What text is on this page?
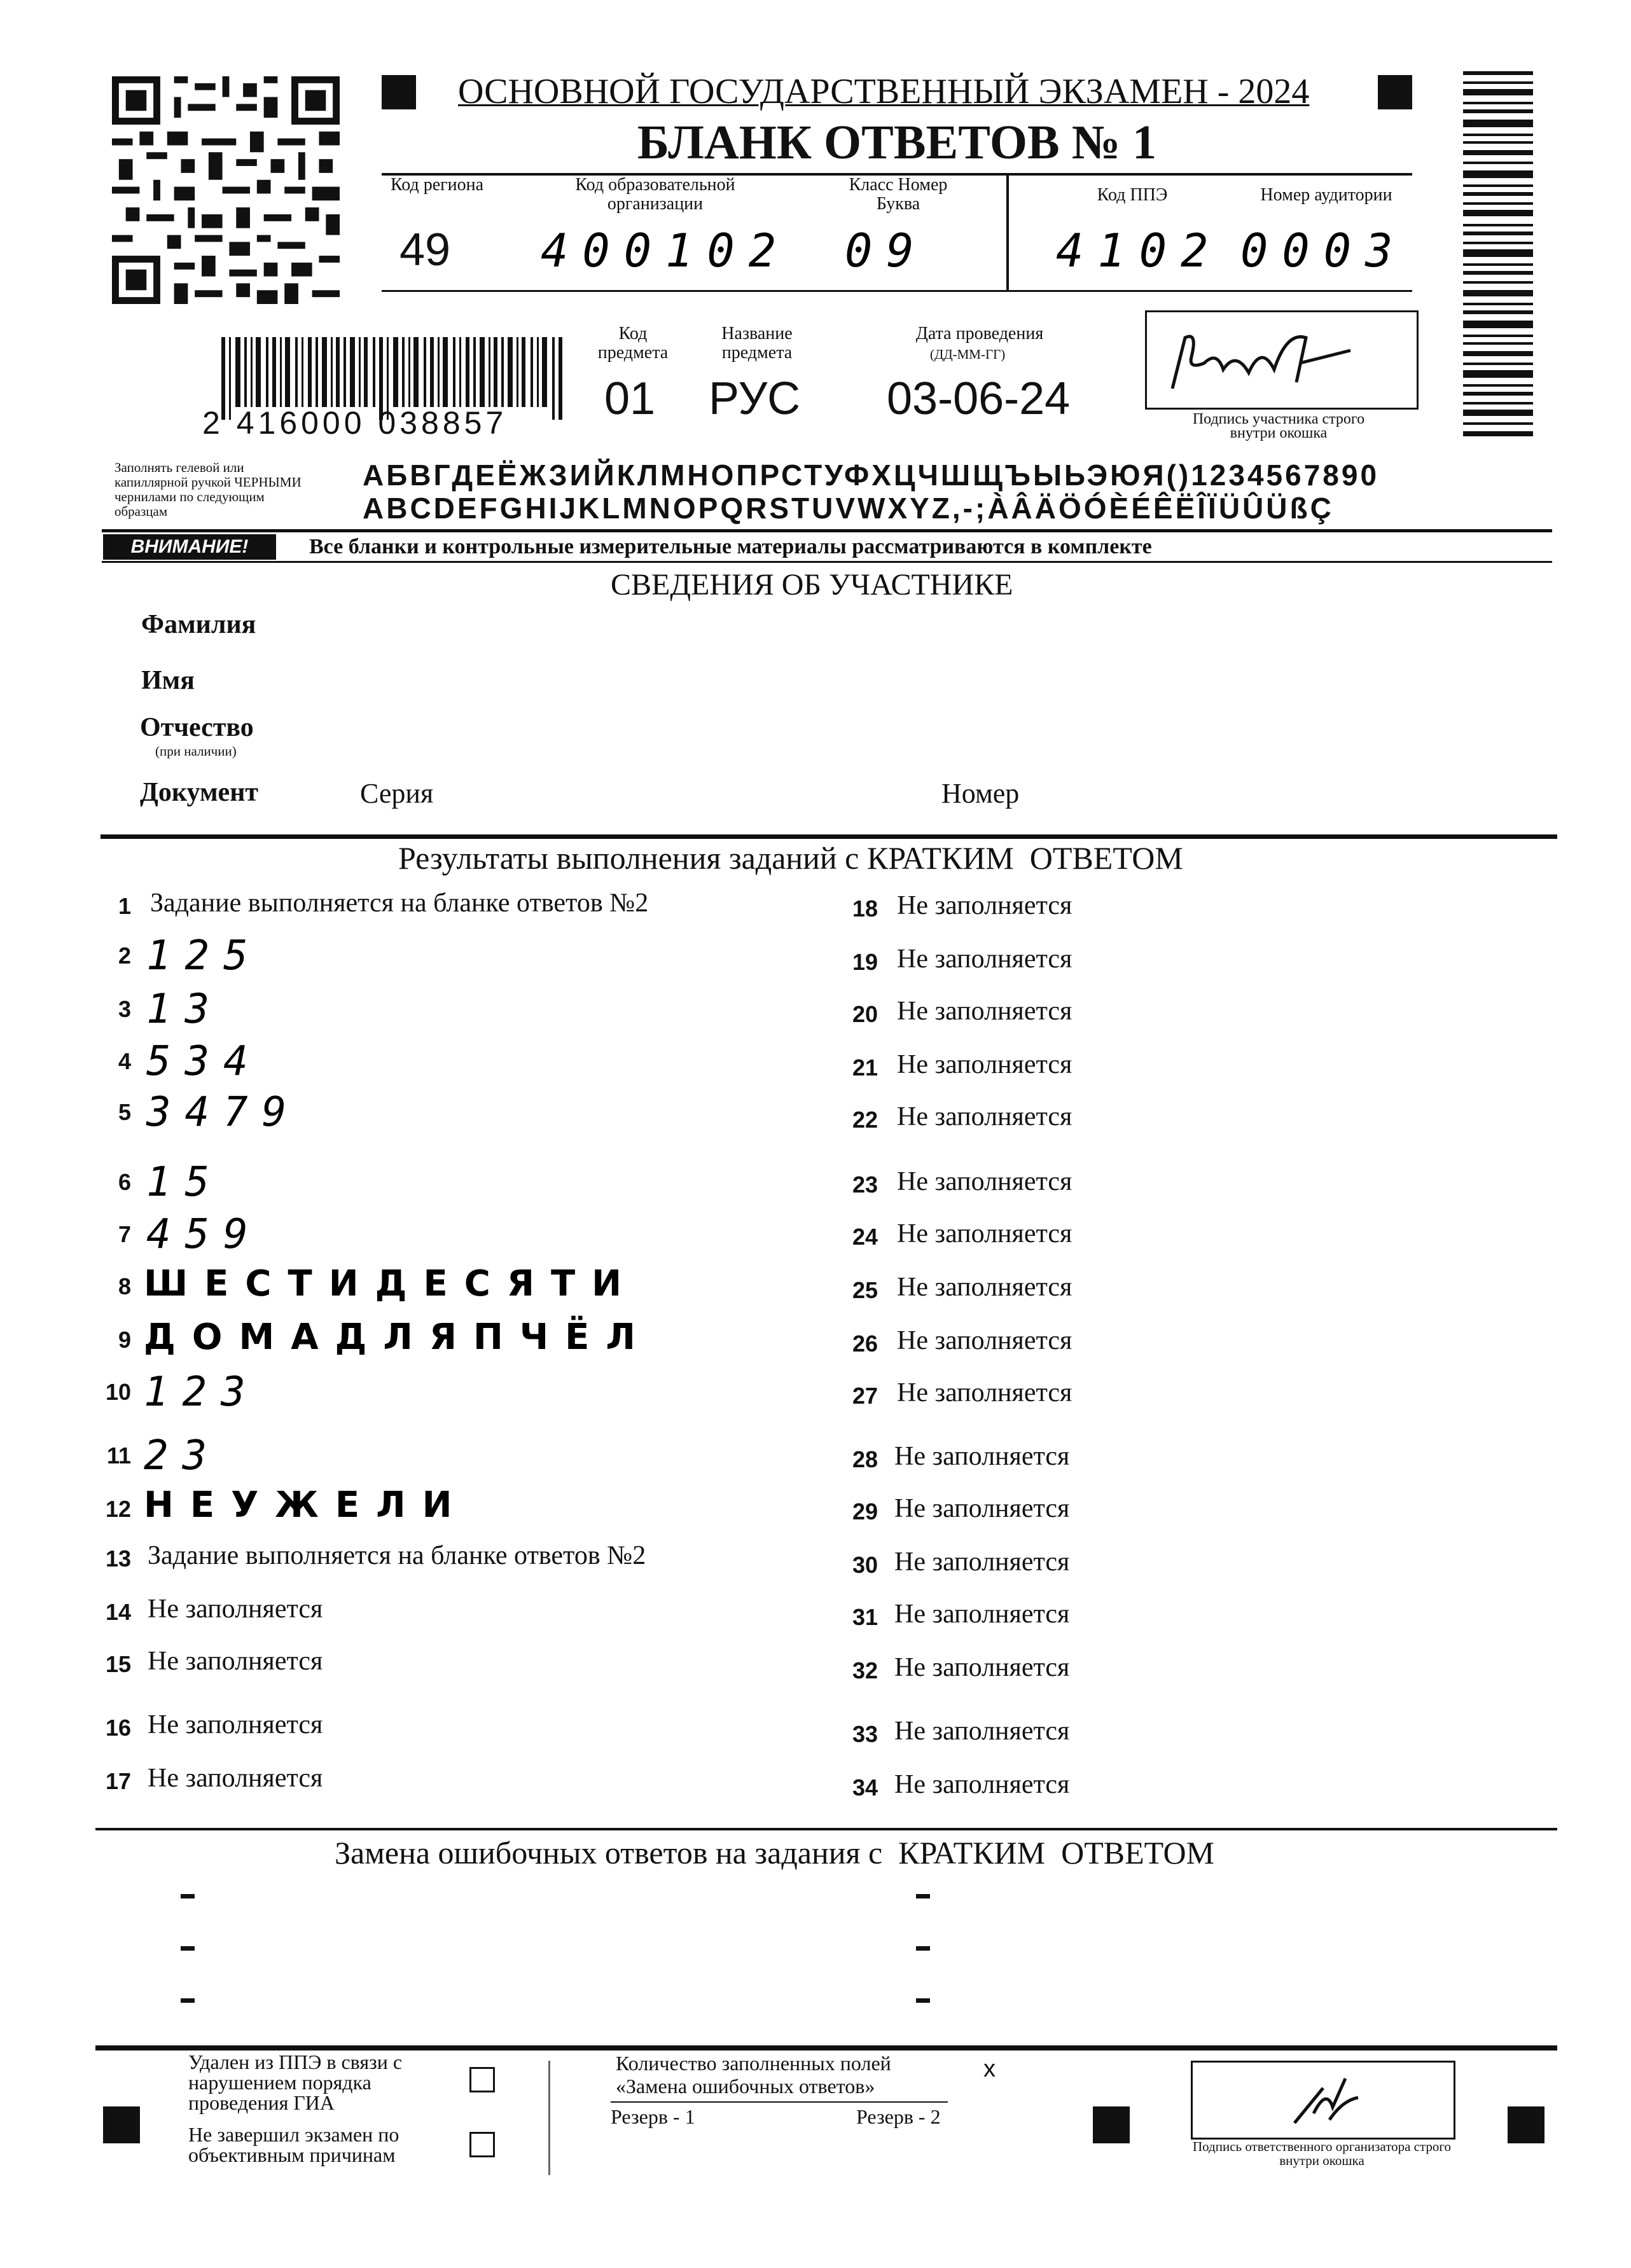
ОСНОВНОЙ ГОСУДАРСТВЕННЫЙ ЭКЗАМЕН - 2024
БЛАНК ОТВЕТОВ № 1
Код региона
49
Код образовательной организации
400102
Класс Номер Буква
09
Код ППЭ
4102
Номер аудитории
0003
2 416000 038857
Код предмета
01
Название предмета
РУС
Дата проведения
(ДД-ММ-ГГ)
03-06-24	Подпись участника строго внутри окошка
Заполнять гелевой или капиллярной ручкой ЧЕРНЫМИ чернилами по следующим образцам
АБВГДЕЁЖЗИЙКЛМНОПРСТУФХЦЧШЩЪЫЬЭЮЯ()1234567890
ABCDEFGHIJKLMNOPQRSTUVWXYZ,-;ÀÂÄÖÓÈÉÊËÎÏÜÛÜßÇ
ВНИМАНИЕ!	Все бланки и контрольные измерительные материалы рассматриваются в комплекте
СВЕДЕНИЯ ОБ УЧАСТНИКЕ
Фамилия
Имя
Отчество
(при наличии)
Документ	Серия	Номер
Результаты выполнения заданий с КРАТКИМ  ОТВЕТОМ
1 Задание выполняется на бланке ответов №2
2 125
3 13
4 534
5 3479
6 15
7 459
8 ШЕСТИДЕСЯТИ
9 ДОМАДЛЯПЧЁЛ
10 123
11 23
12 НЕУЖЕЛИ
13 Задание выполняется на бланке ответов №2
14 Не заполняется
15 Не заполняется
16 Не заполняется
17 Не заполняется
18 Не заполняется
19 Не заполняется
20 Не заполняется
21 Не заполняется
22 Не заполняется
23 Не заполняется
24 Не заполняется
25 Не заполняется
26 Не заполняется
27 Не заполняется
28 Не заполняется
29 Не заполняется
30 Не заполняется
31 Не заполняется
32 Не заполняется
33 Не заполняется
34 Не заполняется
Замена ошибочных ответов на задания с  КРАТКИМ  ОТВЕТОМ
Удален из ППЭ в связи с нарушением порядка проведения ГИА
Не завершил экзамен по объективным причинам
Количество заполненных полей «Замена ошибочных ответов»
x
Резерв - 1	Резерв - 2
Подпись ответственного организатора строго внутри окошка
